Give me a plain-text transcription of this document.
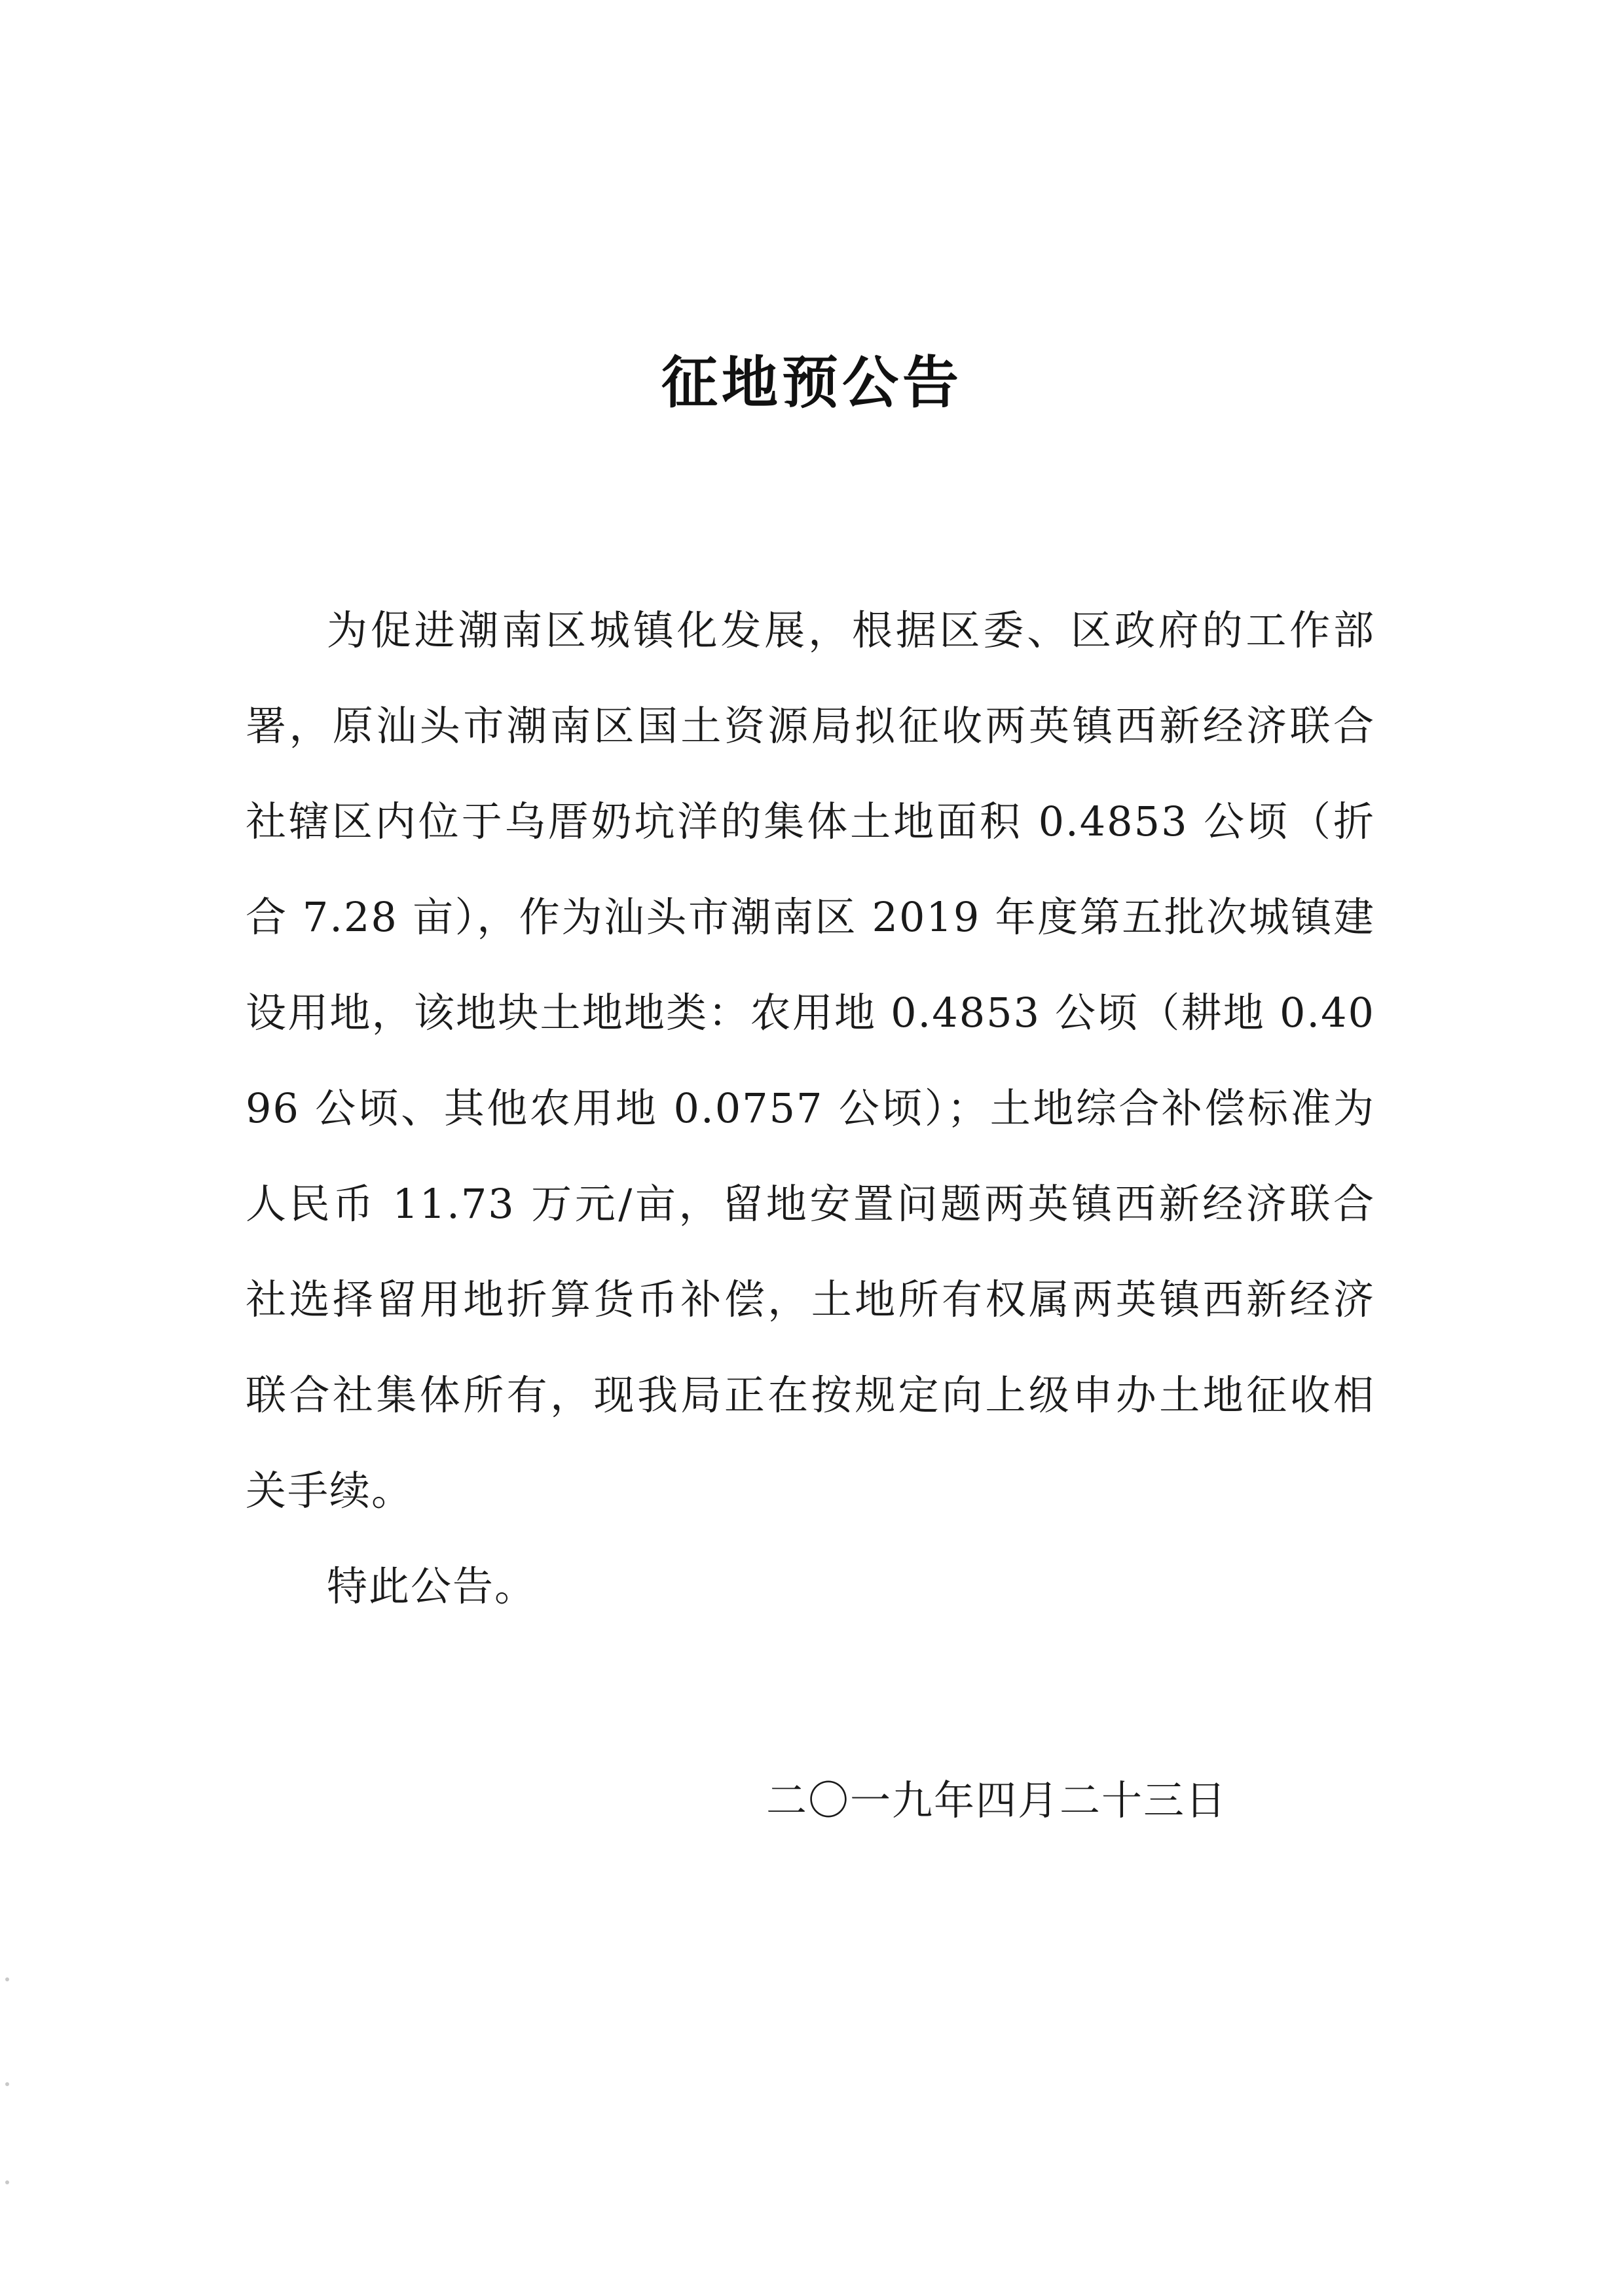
征地预公告

为促进潮南区城镇化发展，根据区委、区政府的工作部署，原汕头市潮南区国土资源局拟征收两英镇西新经济联合社辖区内位于乌厝奶坑洋的集体土地面积 0.4853 公顷（折合 7.28 亩），作为汕头市潮南区 2019 年度第五批次城镇建设用地，该地块土地地类：农用地 0.4853 公顷（耕地 0.4096 公顷、其他农用地 0.0757 公顷）；土地综合补偿标准为人民币 11.73 万元/亩，留地安置问题两英镇西新经济联合社选择留用地折算货币补偿，土地所有权属两英镇西新经济联合社集体所有，现我局正在按规定向上级申办土地征收相关手续。

特此公告。

二〇一九年四月二十三日
